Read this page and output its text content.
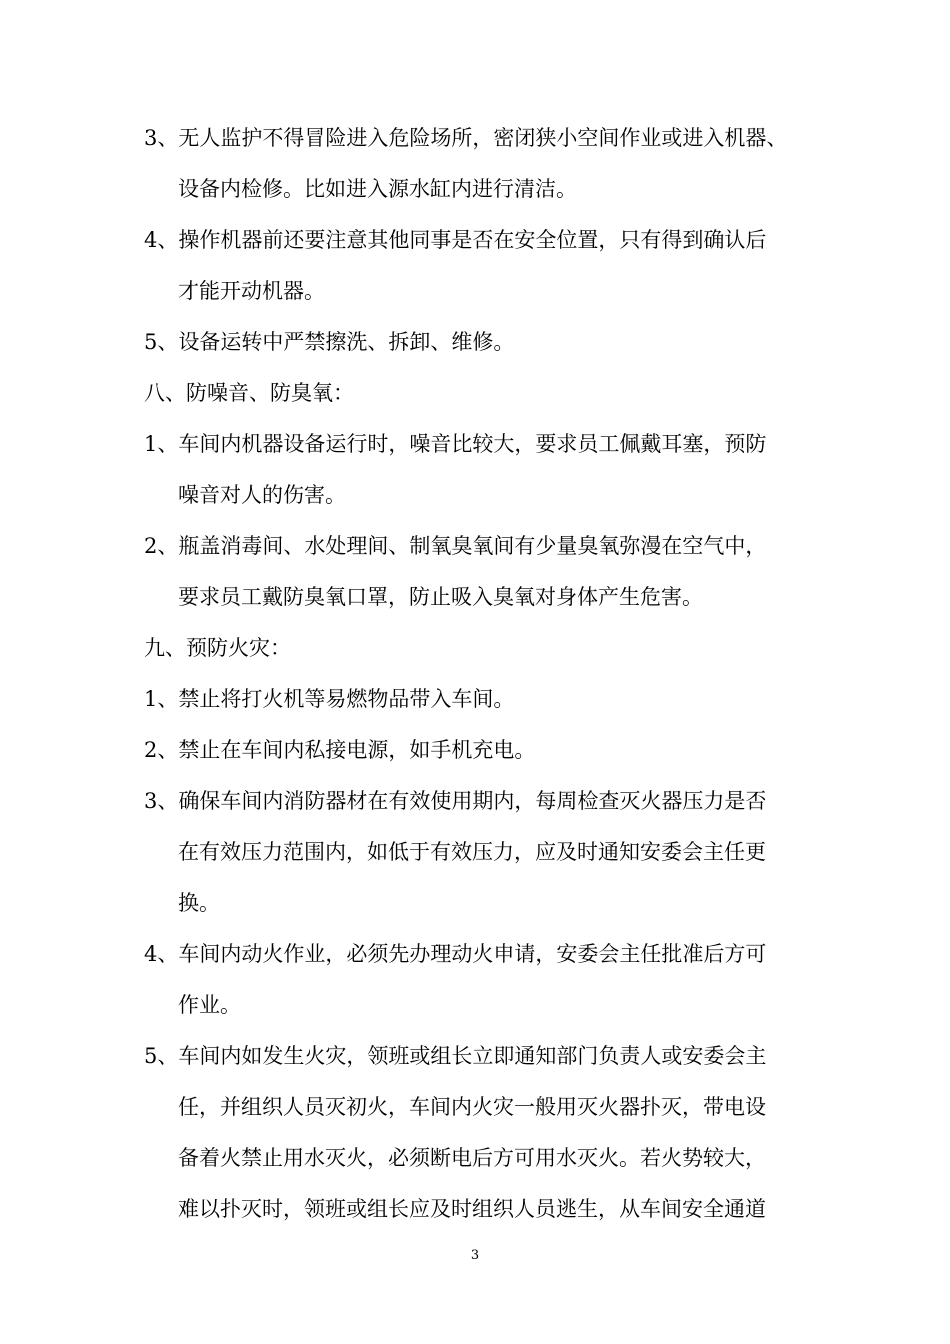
3、无人监护不得冒险进入危险场所，密闭狭小空间作业或进入机器、
设备内检修。比如进入源水缸内进行清洁。
4、操作机器前还要注意其他同事是否在安全位置，只有得到确认后
才能开动机器。
5、设备运转中严禁擦洗、拆卸、维修。
八、防噪音、防臭氧：
1、车间内机器设备运行时，噪音比较大，要求员工佩戴耳塞，预防
噪音对人的伤害。
2、瓶盖消毒间、水处理间、制氧臭氧间有少量臭氧弥漫在空气中，
要求员工戴防臭氧口罩，防止吸入臭氧对身体产生危害。
九、预防火灾：
1、禁止将打火机等易燃物品带入车间。
2、禁止在车间内私接电源，如手机充电。
3、确保车间内消防器材在有效使用期内，每周检查灭火器压力是否
在有效压力范围内，如低于有效压力，应及时通知安委会主任更
换。
4、车间内动火作业，必须先办理动火申请，安委会主任批准后方可
作业。
5、车间内如发生火灾，领班或组长立即通知部门负责人或安委会主
任，并组织人员灭初火，车间内火灾一般用灭火器扑灭，带电设
备着火禁止用水灭火，必须断电后方可用水灭火。若火势较大，
难以扑灭时，领班或组长应及时组织人员逃生，从车间安全通道
3
